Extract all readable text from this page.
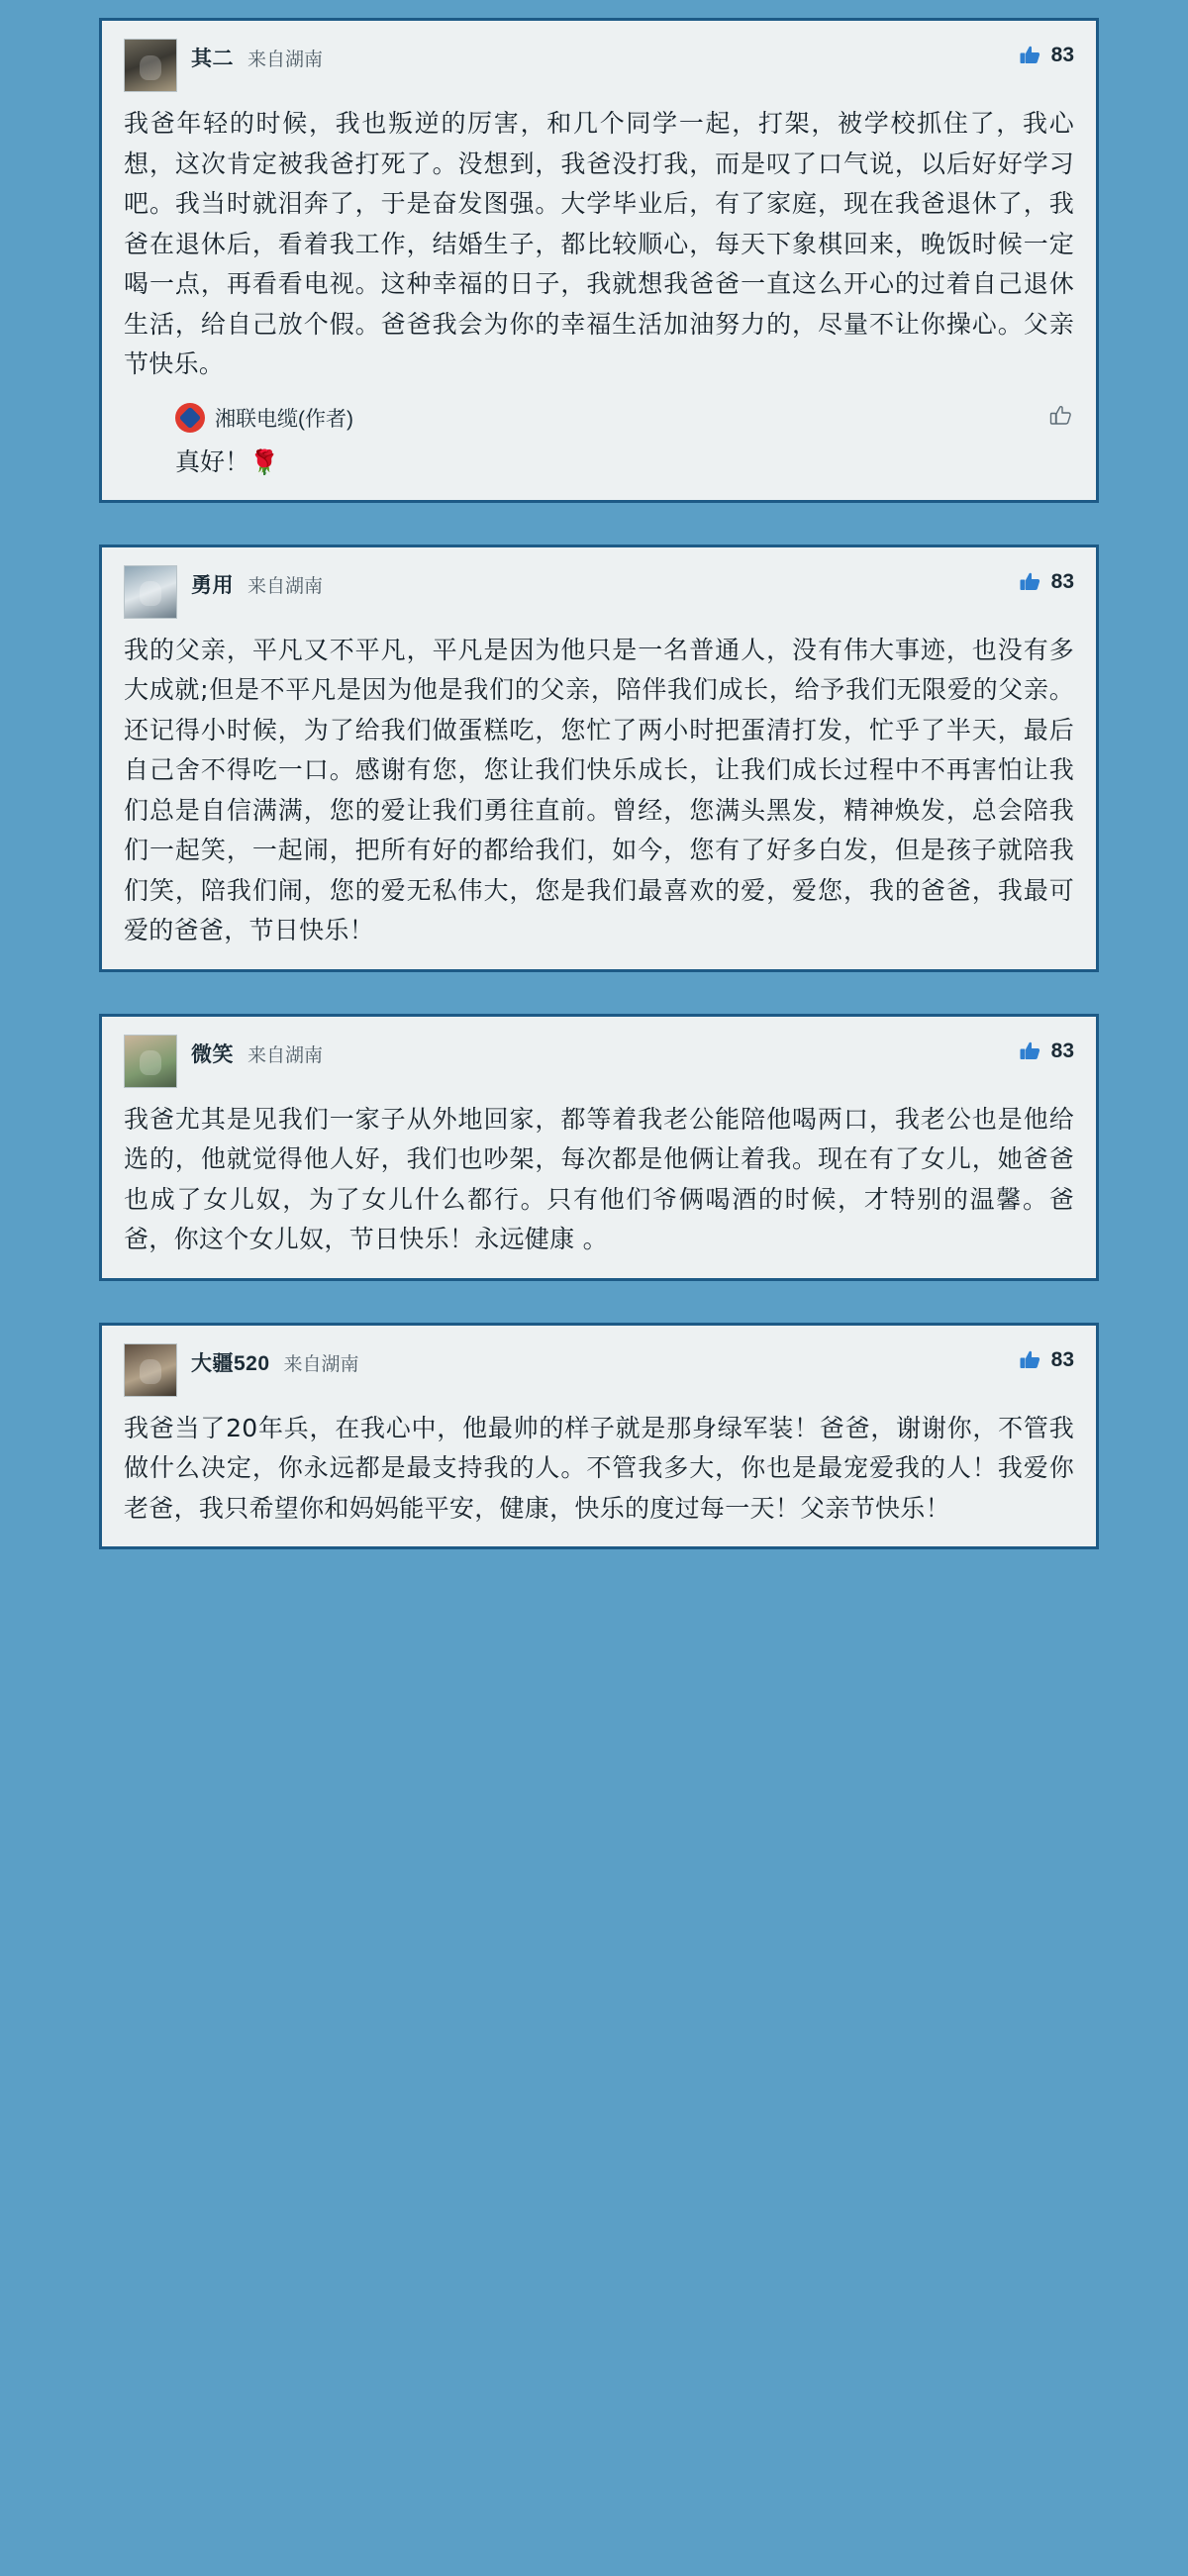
其二 来自湖南	83
我爸年轻的时候，我也叛逆的厉害，和几个同学一起，打架，被学校抓住了，我心想，这次肯定被我爸打死了。没想到，我爸没打我，而是叹了口气说，以后好好学习吧。我当时就泪奔了，于是奋发图强。大学毕业后，有了家庭，现在我爸退休了，我爸在退休后，看着我工作，结婚生子，都比较顺心，每天下象棋回来，晚饭时候一定喝一点，再看看电视。这种幸福的日子，我就想我爸爸一直这么开心的过着自己退休生活，给自己放个假。爸爸我会为你的幸福生活加油努力的，尽量不让你操心。父亲节快乐。
湘联电缆(作者)
真好！🌹
勇用 来自湖南	83
我的父亲，平凡又不平凡，平凡是因为他只是一名普通人，没有伟大事迹，也没有多大成就;但是不平凡是因为他是我们的父亲，陪伴我们成长，给予我们无限爱的父亲。还记得小时候，为了给我们做蛋糕吃，您忙了两小时把蛋清打发，忙乎了半天，最后自己舍不得吃一口。感谢有您，您让我们快乐成长，让我们成长过程中不再害怕让我们总是自信满满，您的爱让我们勇往直前。曾经，您满头黑发，精神焕发，总会陪我们一起笑，一起闹，把所有好的都给我们，如今，您有了好多白发，但是孩子就陪我们笑，陪我们闹，您的爱无私伟大，您是我们最喜欢的爱，爱您，我的爸爸，我最可爱的爸爸，节日快乐！
微笑 来自湖南	83
我爸尤其是见我们一家子从外地回家，都等着我老公能陪他喝两口，我老公也是他给选的，他就觉得他人好，我们也吵架，每次都是他俩让着我。现在有了女儿，她爸爸也成了女儿奴，为了女儿什么都行。只有他们爷俩喝酒的时候，才特别的温馨。爸爸，你这个女儿奴，节日快乐！永远健康 。
大疆520 来自湖南	83
我爸当了20年兵，在我心中，他最帅的样子就是那身绿军装！爸爸，谢谢你，不管我做什么决定，你永远都是最支持我的人。不管我多大，你也是最宠爱我的人！我爱你老爸，我只希望你和妈妈能平安，健康，快乐的度过每一天！父亲节快乐！
